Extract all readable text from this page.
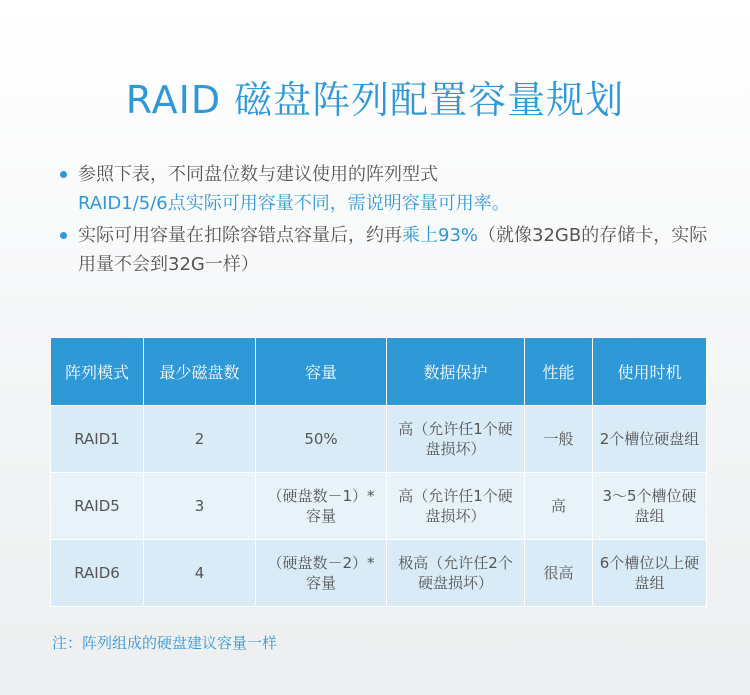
RAID 磁盘阵列配置容量规划
参照下表，不同盘位数与建议使用的阵列型式
RAID1/5/6点实际可用容量不同，需说明容量可用率。
实际可用容量在扣除容错点容量后，约再乘上93%（就像32GB的存储卡，实际用量不会到32G一样）
阵列模式	最少磁盘数	容量	数据保护	性能	使用时机
RAID1	2	50%	高（允许任1个硬盘损坏）	一般	2个槽位硬盘组
RAID5	3	（硬盘数－1）*容量	高（允许任1个硬盘损坏）	高	3～5个槽位硬盘组
RAID6	4	（硬盘数－2）*容量	极高（允许任2个硬盘损坏）	很高	6个槽位以上硬盘组
注：阵列组成的硬盘建议容量一样
